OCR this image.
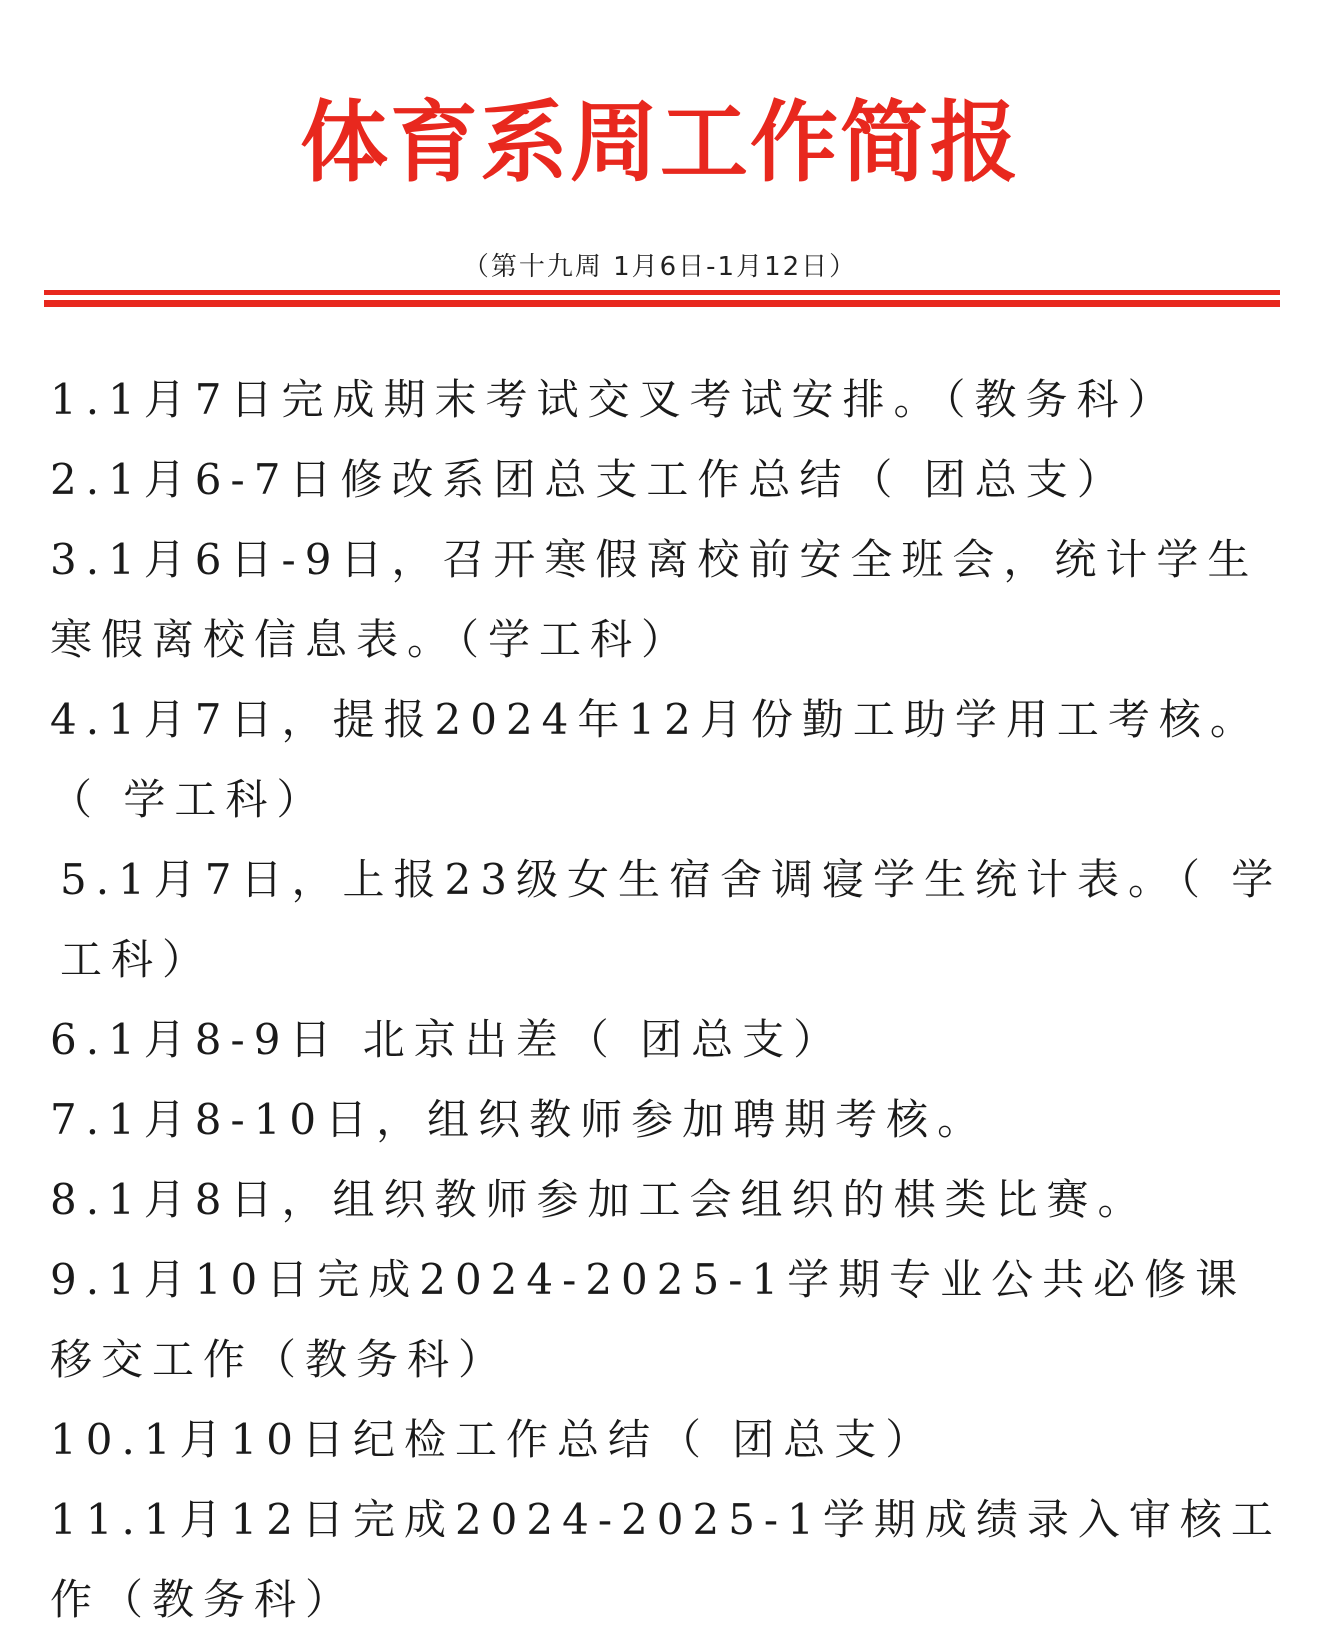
体育系周工作简报
（第十九周 1月6日-1月12日）
1.1月7日完成期末考试交叉考试安排。（教务科）
2.1月6-7日修改系团总支工作总结（ 团总支）
3.1月6日-9日，召开寒假离校前安全班会，统计学生寒假离校信息表。（学工科）
4.1月7日，提报2024年12月份勤工助学用工考核。（ 学工科）
5.1月7日，上报23级女生宿舍调寝学生统计表。（ 学工科）
6.1月8-9日 北京出差（ 团总支）
7.1月8-10日，组织教师参加聘期考核。
8.1月8日，组织教师参加工会组织的棋类比赛。
9.1月10日完成2024-2025-1学期专业公共必修课移交工作（教务科）
10.1月10日纪检工作总结（ 团总支）
11.1月12日完成2024-2025-1学期成绩录入审核工作（教务科）
